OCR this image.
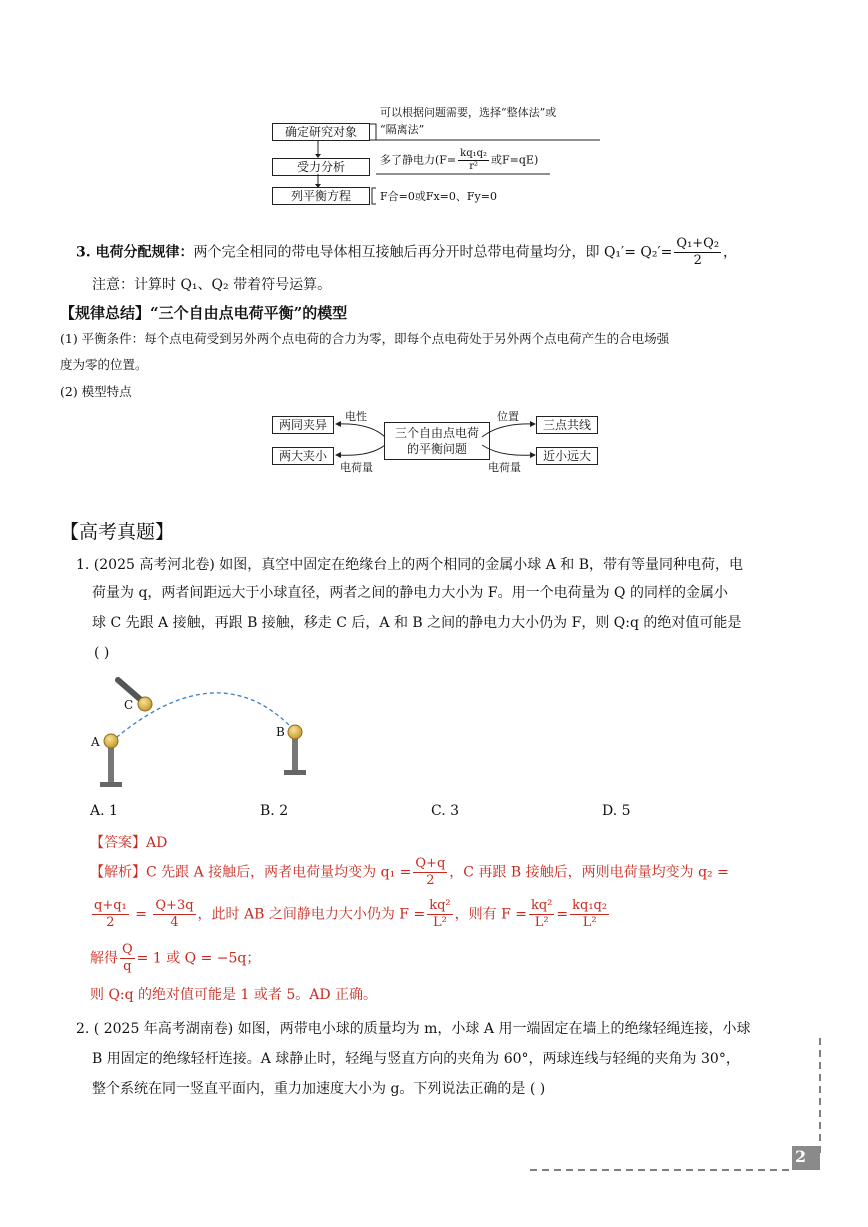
确定研究对象
受力分析
列平衡方程
可以根据问题需要，选择“整体法”或
“隔离法”
多了静电力($F= \frac{\text{kq₁q₂}}{\text{r²}}$ 或F=qE)
F合=0或Fx=0、Fy=0
3. 电荷分配规律：两个完全相同的带电导体相互接触后再分开时总带电荷量均分，即 $Q_1'= Q_2'= \frac{\text{Q₁+Q₂}}{2}$ ，
注意：计算时 Q₁、Q₂ 带着符号运算。
【规律总结】“三个自由点电荷平衡”的模型
(1) 平衡条件：每个点电荷受到另外两个点电荷的合力为零，即每个点电荷处于另外两个点电荷产生的合电场强
度为零的位置。
(2) 模型特点
三个自由点电荷
的平衡问题
两同夹异
两大夹小
三点共线
近小远大
电性
电荷量
位置
电荷量
【高考真题】
1. (2025 高考河北卷) 如图，真空中固定在绝缘台上的两个相同的金属小球 A 和 B，带有等量同种电荷，电
荷量为 q，两者间距远大于小球直径，两者之间的静电力大小为 F。用一个电荷量为 Q 的同样的金属小
球 C 先跟 A 接触，再跟 B 接触，移走 C 后，A 和 B 之间的静电力大小仍为 F，则 Q:q 的绝对值可能是
( )
C
A
B
A. 1	B. 2	C. 3	D. 5
【答案】AD
【解析】C 先跟 A 接触后，两者电荷量均变为 $q_1 = \frac{Q+q}{2}$ ，C 再跟 B 接触后，两则电荷量均变为 q₂ =
$\frac{\text{q+q₁}}{2} = \frac{Q+3q}{4}$ ，此时 AB 之间静电力大小仍为 $F = \frac{\text{kq²}}{\text{L²}}$ ，则有 $F = \frac{\text{kq²}}{\text{L²}} = \frac{\text{kq₁q₂}}{\text{L²}}$
解得 $\frac{Q}{q} = 1$ 或 Q = −5q；
则 Q:q 的绝对值可能是 1 或者 5。AD 正确。
2. ( 2025 年高考湖南卷) 如图，两带电小球的质量均为 m，小球 A 用一端固定在墙上的绝缘轻绳连接，小球
B 用固定的绝缘轻杆连接。A 球静止时，轻绳与竖直方向的夹角为 60°，两球连线与轻绳的夹角为 30°，
整个系统在同一竖直平面内，重力加速度大小为 g。下列说法正确的是 ( )
2
